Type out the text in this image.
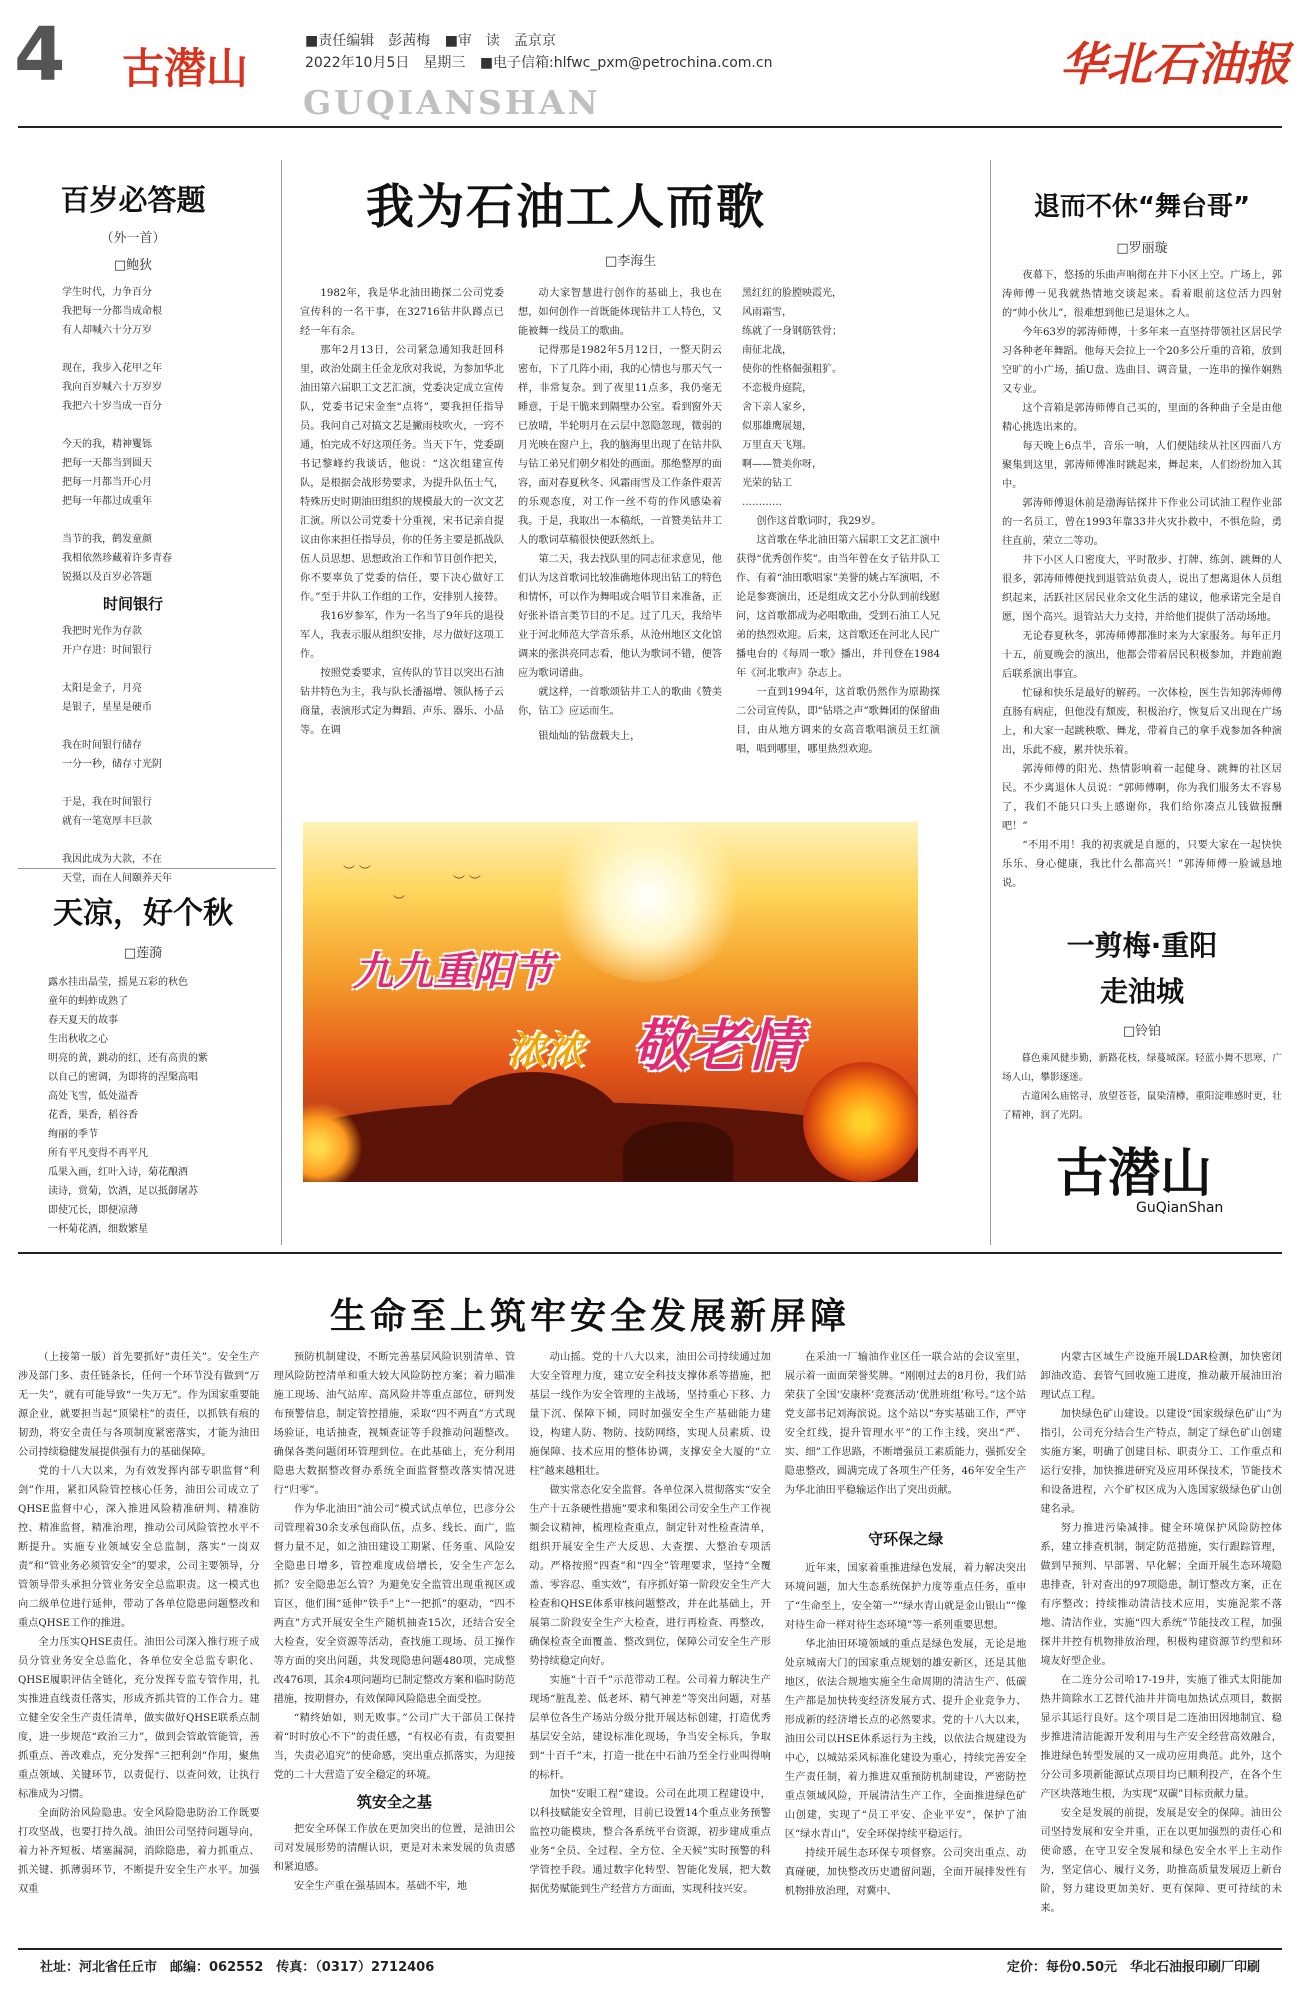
4 古潜山
■责任编辑　彭茜梅 ■审　读　孟京京
2022年10月5日　星期三 ■电子信箱:hlfwc_pxm@petrochina.com.cn
GUQIANSHAN
华北石油报
百岁必答题
（外一首）
□鲍狄

学生时代，力争百分

我把每一分都当成命根

有人却喊六十分万岁

现在，我步入花甲之年

我向百岁喊六十万岁岁

我把六十岁当成一百分

今天的我，精神矍铄

把每一天都当到圆天

把每一月都当开心月

把每一年都过成重年

当节的我，鹤发童颜

我相依然珍藏着许多青春

锐摄以及百岁必答题

时间银行

我把时光作为存款

开户存进：时间银行

太阳是金子，月亮

是银子，星星是硬币

我在时间银行储存

一分一秒，储存寸光阴

于是，我在时间银行

就有一笔宽厚丰巨款

我因此成为大款，不在

天堂，而在人间颐养天年

天凉，好个秋
□莲漪

露水挂出晶莹，摇晃五彩的秋色

童年的蚂蚱成熟了

春天夏天的故事

生出秋收之心

明亮的黄，跳动的红，还有高贵的紫

以自己的密调，为即将的涅槃高唱

高处飞雪，低处溢香

花香，果香，稻谷香

绚丽的季节

所有平凡变得不再平凡

瓜果入画，红叶入诗，菊花酿酒

读诗，赏菊，饮酒，足以抵御屠苏

即使冗长，即便凉薄

一杯菊花酒，细数繁星

我为石油工人而歌
□李海生

1982年，我是华北油田勘探二公司党委宣传科的一名干事，在32716钻井队蹲点已经一年有余。

那年2月13日，公司紧急通知我赶回科里，政治处副主任金龙欣对我说，为参加华北油田第六届职工文艺汇演，党委决定成立宣传队，党委书记宋金奎“点将”，要我担任指导员。我问自己对搞文艺是撇雨枝吹火，一窍不通，怕完成不好这项任务。当天下午，党委副书记黎峰约我谈话，他说：“这次组建宣传队，是根据会战形势要求，为提升队伍士气，特殊历史时期油田组织的规模最大的一次文艺汇演。所以公司党委十分重视，宋书记亲自提议由你来担任指导员，你的任务主要是抓战队伍人员思想、思想政治工作和节目创作把关，你不要辜负了党委的信任，要下决心做好工作。”至于井队工作组的工作，安排别人接替。

我16岁参军，作为一名当了9年兵的退役军人，我表示服从组织安排，尽力做好这项工作。

按照党委要求，宣传队的节目以突出石油钻井特色为主，我与队长潘福增、领队杨子云商量，表演形式定为舞蹈、声乐、器乐、小品等。在调

动大家智慧进行创作的基础上，我也在想，如何创作一首既能体现钻井工人特色，又能被舞一线员工的歌曲。

记得那是1982年5月12日，一整天阴云密布，下了几阵小雨，我的心情也与那天气一样，非常复杂。到了夜里11点多，我仍毫无睡意，于是干脆来到隔壁办公室。看到窗外天已放晴，半轮明月在云层中忽隐忽现，微弱的月光映在窗户上，我的脑海里出现了在钻井队与钻工弟兄们朝夕相处的画面。那绝整厚的面容，面对春夏秋冬、风霜雨雪及工作条件艰苦的乐观态度，对工作一丝不苟的作风感染着我。于是，我取出一本稿纸，一首赞美钻井工人的歌词草稿很快便跃然纸上。

第二天，我去找队里的同志征求意见，他们认为这首歌词比较准确地体现出钻工的特色和情怀，可以作为舞唱或合唱节目来准备，正好张补语言类节目的不足。过了几天，我给毕业于河北师范大学音乐系，从沧州地区文化馆调来的张洪亮同志看，他认为歌词不错，便答应为歌词谱曲。

就这样，一首歌颂钻井工人的歌曲《赞美你，钻工》应运而生。

银灿灿的钻盘载夫上，

黑红红的脸膛映霞光，

风雨霜雪，

练就了一身钢筋铁骨；

南征北战，

使你的性格倔强粗犷。

不恋极舟庭院，

舍下亲人家乡，

似那雄鹰展翅，

万里直天飞翔。

啊——赞美你呀，

光荣的钻工

…………

创作这首歌词时，我29岁。

这首歌在华北油田第六届职工文艺汇演中获得“优秀创作奖”。由当年曾在女子钻井队工作、有着“油田歌唱家”美誉的姚占军演唱，不论是参赛演出，还是组成文艺小分队到前线慰问，这首歌都成为必唱歌曲，受到石油工人兄弟的热烈欢迎。后来，这首歌还在河北人民广播电台的《每周一歌》播出，并刊登在1984年《河北歌声》杂志上。

一直到1994年，这首歌仍然作为原勘探二公司宣传队，即“钻塔之声”歌舞团的保留曲目，由从地方调来的女高音歌唱演员王红演唱，唱到哪里，哪里热烈欢迎。

︶ ︶
︶
︶ ︶
九九重阳节
浓浓 敬老情
退而不休“舞台哥”
□罗丽璇

夜幕下，悠扬的乐曲声响彻在井下小区上空。广场上，郭涛师傅一见我就热情地交谈起来。看着眼前这位活力四射的“帅小伙儿”，很难想到他已是退休之人。

今年63岁的郭涛师傅，十多年来一直坚持带领社区居民学习各种老年舞蹈。他每天会拉上一个20多公斤重的音箱，放到空旷的小广场，插U盘、选曲目、调音量，一连串的操作娴熟又专业。

这个音箱是郭涛师傅自己买的，里面的各种曲子全是由他精心挑选出来的。

每天晚上6点半，音乐一响，人们便陆续从社区四面八方聚集到这里，郭涛师傅准时跳起来，舞起来，人们纷纷加入其中。

郭涛师傅退休前是渤海钻探井下作业公司试油工程作业部的一名员工，曾在1993年靠33井火灾扑救中，不惧危险，勇往直前，荣立二等功。

井下小区人口密度大，平时散步、打牌、练剑、跳舞的人很多，郭涛师傅便找到退管站负责人，说出了想离退休人员组织起来，活跃社区居民业余文化生活的建议，他承诺完全是自愿，图个高兴。退管站大力支持，并给他们提供了活动场地。

无论春夏秋冬，郭涛师傅都准时来为大家服务。每年正月十五，前夏晚会的演出，他都会带着居民积极参加，并跑前跑后联系演出事宜。

忙碌和快乐是最好的解药。一次体检，医生告知郭涛师傅直肠有病症，但他没有颓废，积极治疗，恢复后又出现在广场上，和大家一起跳秧歌、舞龙，带着自己的拿手戏参加各种演出，乐此不疲，累并快乐着。

郭涛师傅的阳光、热情影响着一起健身、跳舞的社区居民。不少离退休人员说：“郭师傅啊，你为我们服务太不容易了，我们不能只口头上感谢你，我们给你凑点儿钱做报酬吧！”

“不用不用！我的初衷就是自愿的，只要大家在一起快快乐乐、身心健康，我比什么都高兴！”郭涛师傅一脸诚恳地说。

一剪梅·重阳
走油城
□铃铂

暮色乘风健步勤，新路花枝，绿蔓城深。轻蓝小舞不思寒，广场人山，攀影逐迷。

古道闲么庙铭寻，放望苍苍，鼠染清樽，重阳淀唯感时更，壮了精神，润了光阴。

古潜山
GuQianShan
生命至上筑牢安全发展新屏障

（上接第一版）首先要抓好“责任关”。安全生产涉及部门多、责任链条长，任何一个环节没有做到“万无一失”，就有可能导致“一失万无”。作为国家重要能源企业，就要担当起“顶梁柱”的责任，以抓铁有痕的韧劲，将安全责任与各项制度紧密落实，才能为油田公司持续稳健发展提供强有力的基础保障。

党的十八大以来，为有效发挥内部专职监督“利剑”作用，紧扣风险管控核心任务，油田公司成立了QHSE监督中心，深入推进风险精准研判、精准防控、精准监督，精准治理，推动公司风险管控水平不断提升。实施专业领域安全总监制，落实“一岗双责”和“管业务必须管安全”的要求，公司主要领导，分管领导带头承担分管业务安全总监职责。这一模式也向二级单位进行延伸，带动了各单位隐患问题整改和重点QHSE工作的推进。

全力压实QHSE责任。油田公司深入推行班子成员分管业务安全总监化，各单位安全总监专职化、QHSE履职评估全链化，充分发挥专监专管作用，扎实推进直线责任落实，形成齐抓共管的工作合力。建立健全安全生产责任清单，做实做好QHSE联系点制度，进一步规范“政治三力”，做到会管敢管能管，善抓重点、善改难点，充分发挥“三把利剑”作用，聚焦重点领域、关键环节，以责促行、以查问效，让执行标准成为习惯。

全面防治风险隐患。安全风险隐患防治工作既要打攻坚战，也要打持久战。油田公司坚持问题导向，着力补齐短板、堵塞漏洞，消除隐患，着力抓重点、抓关键、抓薄弱环节，不断提升安全生产水平。加强双重

预防机制建设，不断完善基层风险识别清单、管理风险防控清单和重大较大风险防控方案；着力瞄准施工现场、油气站库、高风险井等重点部位，研判发布预警信息，制定管控措施，采取“四不两直”方式现场验证，电话抽查，视频查证等手段推动问题整改。确保各类问题闭环管理到位。在此基础上，充分利用隐患大数据整改督办系统全面监督整改落实情况进行“归零”。

作为华北油田“油公司”模式试点单位，巴彦分公司管理着30余支承包商队伍，点多、线长、面广，监督力量不足，如之油田建设工期紧、任务重、风险安全隐患日增多，管控难度成倍增长，安全生产怎么抓？安全隐患怎么管？为避免安全监管出现重视区或盲区，他们围“延伸“铁手”上“一把抓”的驱动，“四不两直”方式开展安全生产随机抽查15次，还结合安全大检查，安全资源等活动，查找施工现场、员工操作等方面的突出问题，共发现隐患问题480项，完成整改476项，其余4项问题均已制定整改方案和临时防范措施，按期督办，有效保障风险隐患全面受控。

“精终始如，则无败事。”公司广大干部员工保持着“时时放心不下”的责任感，“有权必有责，有责要担当，失责必追究”的使命感，突出重点抓落实，为迎接党的二十大营造了安全稳定的环境。

筑安全之基

把安全环保工作放在更加突出的位置，是油田公司对发展形势的清醒认识，更是对未来发展的负责感和紧迫感。

安全生产重在强基固本。基础不牢，地

动山摇。党的十八大以来，油田公司持续通过加大安全管理力度，建立安全科技支撑体系等措施，把基层一线作为安全管理的主战场，坚持重心下移、力量下沉、保障下倾，同时加强安全生产基础能力建设，构建人防、物防、技防网络，实现人员素质、设施保障、技术应用的整体协调，支撑安全大厦的“立柱”越来越粗壮。

做实常态化安全监督。各单位深入贯彻落实“安全生产十五条硬性措施”要求和集团公司安全生产工作视频会议精神，梳理检查重点，制定针对性检查清单，组织开展安全生产大反思、大查摆、大整治专项活动。严格按照“四查”和“四全”管理要求，坚持“全覆盖、零容忍、重实效”，有序抓好第一阶段安全生产大检查和QHSE体系审核问题整改，并在此基础上，开展第二阶段安全生产大检查，进行再检查、再整改，确保检查全面覆盖、整改到位，保障公司安全生产形势持续稳定向好。

实施“十百千”示范带动工程。公司着力解决生产现场“脏乱差、低老坏、精气神差”等突出问题，对基层单位各生产场站分级分批开展达标创建，打造优秀基层安全站，建设标准化现场，争当安全标兵，争取到“十百千”末，打造一批在中石油乃至全行业叫得响的标杆。

加快“安眼工程”建设。公司在此项工程建设中，以科技赋能安全管理，目前已设置14个重点业务预警监控功能模块，整合各系统平台资源，初步建成重点业务“全员、全过程、全方位、全天候”实时预警的科学管控手段。通过数字化转型、智能化发展，把大数据优势赋能到生产经营方方面面，实现科技兴安。

在采油一厂输油作业区任一联合站的会议室里，展示着一面面荣誉奖牌。“刚刚过去的8月份，我们站荣获了全国‘安康杯’竞赛活动‘优胜班组’称号。”这个站党支部书记刘海滨说。这个站以“夯实基础工作，严守安全红线，提升管理水平”的工作主线，突出“严、实、细”工作思路，不断增强员工素质能力，强抓安全隐患整改，圆满完成了各项生产任务，46年安全生产为华北油田平稳输运作出了突出贡献。

守环保之绿

近年来，国家着重推进绿色发展，着力解决突出环境问题，加大生态系统保护力度等重点任务，重申了“生命至上，安全第一”“绿水青山就是金山银山”“像对待生命一样对待生态环境”等一系列重要思想。

华北油田环境领域的重点是绿色发展，无论是地处京城南大门的国家重点规划的雄安新区，还是其他地区，依法合规地实施全生命周期的清洁生产、低碳生产都是加快转变经济发展方式、提升企业竞争力、形成新的经济增长点的必然要求。党的十八大以来，油田公司以HSE体系运行为主线，以依法合规建设为中心，以城站采风标准化建设为重心，持续完善安全生产责任制，着力推进双重预防机制建设，严密防控重点领域风险，开展清洁生产工作，全面推进绿色矿山创建，实现了“员工平安、企业平安”，保护了油区“绿水青山”，安全环保持续平稳运行。

持续开展生态环保专项督察。公司突出重点、动真碰硬，加快整改历史遗留问题，全面开展排发性有机物排放治理，对冀中、

内蒙古区域生产设施开展LDAR检测，加快密闭卸油改造、套管气回收施工进度，推动蔽开展油田治理试点工程。

加快绿色矿山建设。以建设“国家级绿色矿山”为指引，公司充分结合生产特点，制定了绿色矿山创建实施方案，明确了创建目标、职责分工、工作重点和运行安排，加快推进研究及应用环保技术，节能技术和设备进程，六个矿权区成为入选国家级绿色矿山创建名录。

努力推进污染减排。健全环境保护风险防控体系，建立排查机制，制定防范措施，实行跟踪管理，做到早预判、早部署、早化解；全面开展生态环境隐患排查，针对查出的97项隐患，制订整改方案，正在有序整改；持续推动清洁技术应用，实施泥浆不落地、清洁作业，实施“四大系统”节能技改工程，加强探井井控有机物排放治理，积极构建资源节约型和环境友好型企业。

在二连分公司哈17-19井，实施了锥式太阳能加热井筒除水工艺替代油井井筒电加热试点项目，数据显示其运行良好。这个项目是二连油田因地制宜、稳步推进清洁能源开发利用与生产安全经营高效融合，推进绿色转型发展的又一成功应用典范。此外，这个分公司多项新能源试点项目均已顺利投产，在各个生产区块落地生根，为实现“双碳”目标贡献力量。

安全是发展的前提，发展是安全的保障。油田公司坚持发展和安全并重，正在以更加强烈的责任心和使命感，在守卫安全发展和绿色安全水平上主动作为，坚定信心、履行义务，助推高质量发展迈上新台阶，努力建设更加美好、更有保障、更可持续的未来。

社址：河北省任丘市　邮编：062552　传真：（0317）2712406	定价：每份0.50元　华北石油报印刷厂印刷
